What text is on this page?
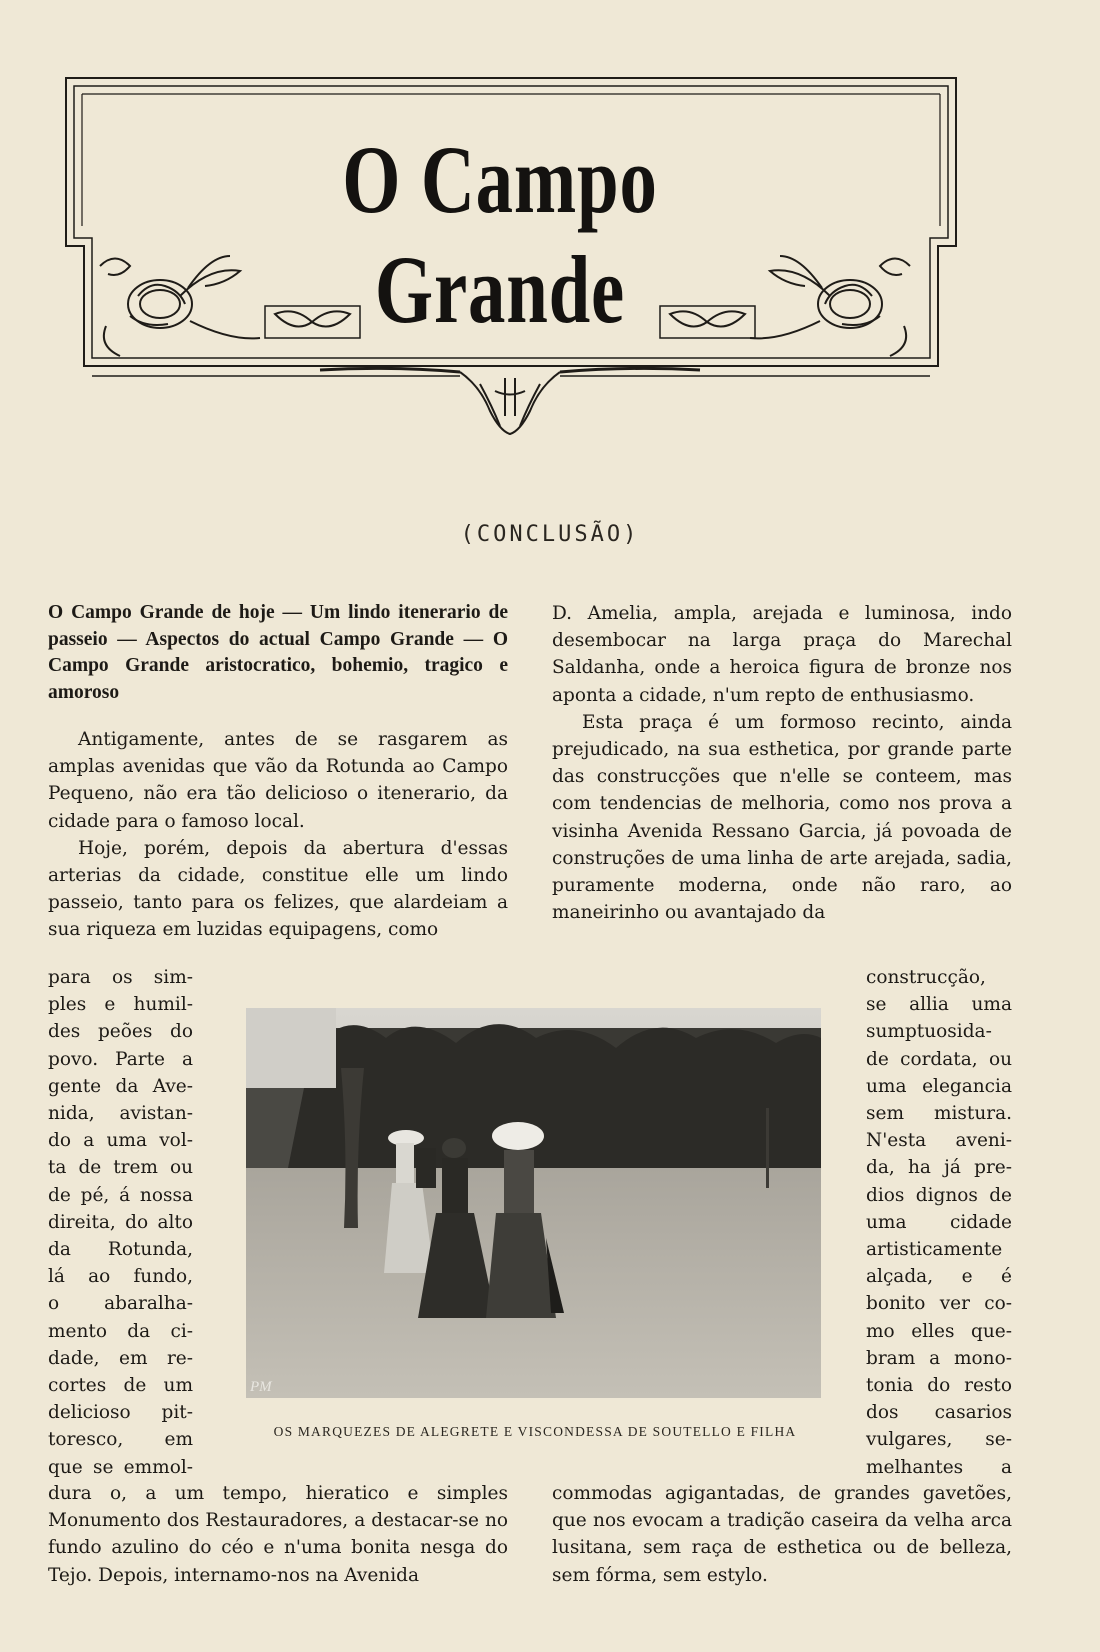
O Campo Grande
(CONCLUSÃO)

O Campo Grande de hoje — Um lindo itenerario de passeio — Aspectos do actual Campo Grande — O Campo Grande aristocratico, bohemio, tragico e amoroso

Antigamente, antes de se rasgarem as amplas avenidas que vão da Rotunda ao Campo Pequeno, não era tão delicioso o itenerario, da cidade para o famoso local.

Hoje, porém, depois da abertura d'essas arterias da cidade, constitue elle um lindo passeio, tanto para os felizes, que alardeiam a sua riqueza em luzidas equipagens, como

D. Amelia, ampla, arejada e luminosa, indo desembocar na larga praça do Marechal Saldanha, onde a heroica figura de bronze nos aponta a cidade, n'um repto de enthusiasmo.

Esta praça é um formoso recinto, ainda prejudicado, na sua esthetica, por grande parte das construcções que n'elle se conteem, mas com tendencias de melhoria, como nos prova a visinha Avenida Ressano Garcia, já povoada de construções de uma linha de arte arejada, sadia, puramente moderna, onde não raro, ao maneirinho ou avantajado da

para os sim-
ples e humil-
des peões do
povo. Parte a
gente da Ave-
nida, avistan-
do a uma vol-
ta de trem ou
de pé, á nossa
direita, do alto
da Rotunda,
lá ao fundo,
o abaralha-
mento da ci-
dade, em re-
cortes de um
delicioso pit-
toresco, em
que se emmol-
construcção,
se allia uma
sumptuosida-
de cordata, ou
uma elegancia
sem mistura.
N'esta aveni-
da, ha já pre-
dios dignos de
uma cidade
artisticamente
alçada, e é
bonito ver co-
mo elles que-
bram a mono-
tonia do resto
dos casarios
vulgares, se-
melhantes a
PM
OS MARQUEZES DE ALEGRETE E VISCONDESSA DE SOUTELLO E FILHA

dura o, a um tempo, hieratico e simples Monumento dos Restauradores, a destacar-se no fundo azulino do céo e n'uma bonita nesga do Tejo. Depois, internamo-nos na Avenida

commodas agigantadas, de grandes gavetões, que nos evocam a tradição caseira da velha arca lusitana, sem raça de esthetica ou de belleza, sem fórma, sem estylo.
